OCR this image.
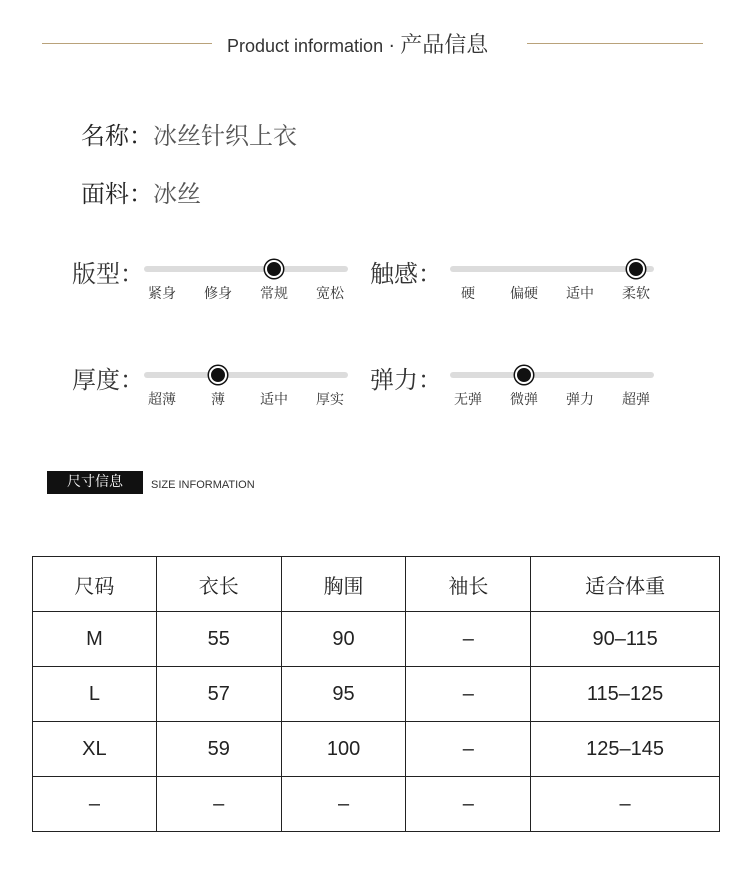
Product information · 产品信息
名称：冰丝针织上衣
面料：冰丝
版型：
紧身 修身 常规 宽松
触感：
硬	偏硬 适中 柔软
厚度：
超薄	薄	适中 厚实
弹力：
无弹 微弹 弹力 超弹
尺寸信息	SIZE INFORMATION
尺码	衣长	胸围	袖长	适合体重
M	55	90	–	90–115
L	57	95	–	115–125
XL	59	100	–	125–145
–	–	–	–	–
